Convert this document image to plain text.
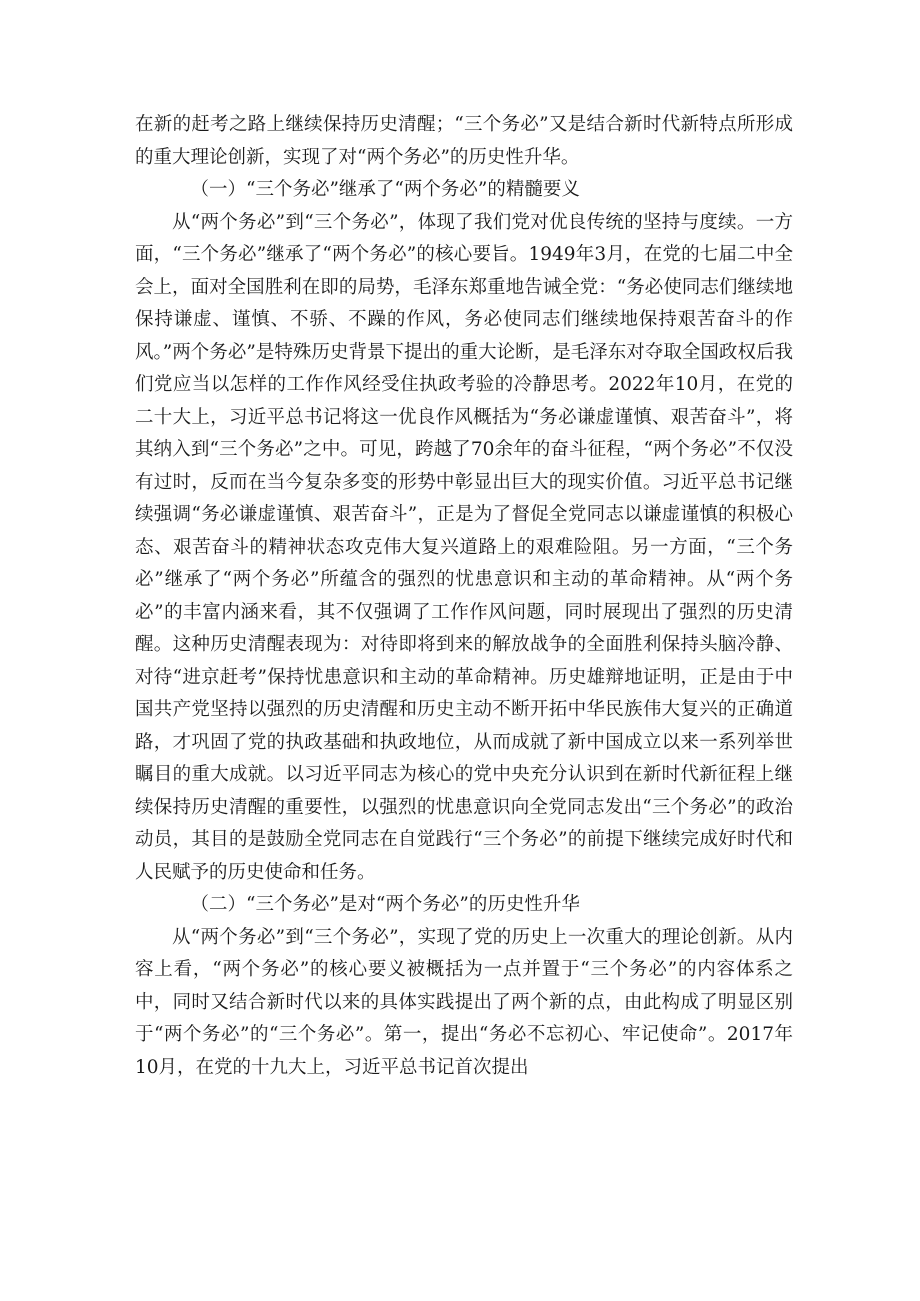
在新的赶考之路上继续保持历史清醒；“三个务必”又是结合新时代新特点所形成的重大理论创新，实现了对“两个务必”的历史性升华。

（一）“三个务必”继承了“两个务必”的精髓要义

从“两个务必”到“三个务必”，体现了我们党对优良传统的坚持与度续。一方面，“三个务必”继承了“两个务必”的核心要旨。1949年3月，在党的七届二中全会上，面对全国胜利在即的局势，毛泽东郑重地告诫全党：“务必使同志们继续地保持谦虚、谨慎、不骄、不躁的作风，务必使同志们继续地保持艰苦奋斗的作风。”两个务必”是特殊历史背景下提出的重大论断，是毛泽东对夺取全国政权后我们党应当以怎样的工作作风经受住执政考验的冷静思考。2022年10月，在党的二十大上，习近平总书记将这一优良作风概括为“务必谦虚谨慎、艰苦奋斗”，将其纳入到“三个务必”之中。可见，跨越了70余年的奋斗征程，“两个务必”不仅没有过时，反而在当今复杂多变的形势中彰显出巨大的现实价值。习近平总书记继续强调“务必谦虚谨慎、艰苦奋斗”，正是为了督促全党同志以谦虚谨慎的积极心态、艰苦奋斗的精神状态攻克伟大复兴道路上的艰难险阻。另一方面，“三个务必”继承了“两个务必”所蕴含的强烈的忧患意识和主动的革命精神。从“两个务必”的丰富内涵来看，其不仅强调了工作作风问题，同时展现出了强烈的历史清醒。这种历史清醒表现为：对待即将到来的解放战争的全面胜利保持头脑冷静、对待“进京赶考”保持忧患意识和主动的革命精神。历史雄辩地证明，正是由于中国共产党坚持以强烈的历史清醒和历史主动不断开拓中华民族伟大复兴的正确道路，才巩固了党的执政基础和执政地位，从而成就了新中国成立以来一系列举世瞩目的重大成就。以习近平同志为核心的党中央充分认识到在新时代新征程上继续保持历史清醒的重要性，以强烈的忧患意识向全党同志发出“三个务必”的政治动员，其目的是鼓励全党同志在自觉践行“三个务必”的前提下继续完成好时代和人民赋予的历史使命和任务。

（二）“三个务必”是对“两个务必”的历史性升华

从“两个务必”到“三个务必”，实现了党的历史上一次重大的理论创新。从内容上看，“两个务必”的核心要义被概括为一点并置于“三个务必”的内容体系之中，同时又结合新时代以来的具体实践提出了两个新的点，由此构成了明显区别于“两个务必”的“三个务必”。第一，提出“务必不忘初心、牢记使命”。2017年10月，在党的十九大上，习近平总书记首次提出
